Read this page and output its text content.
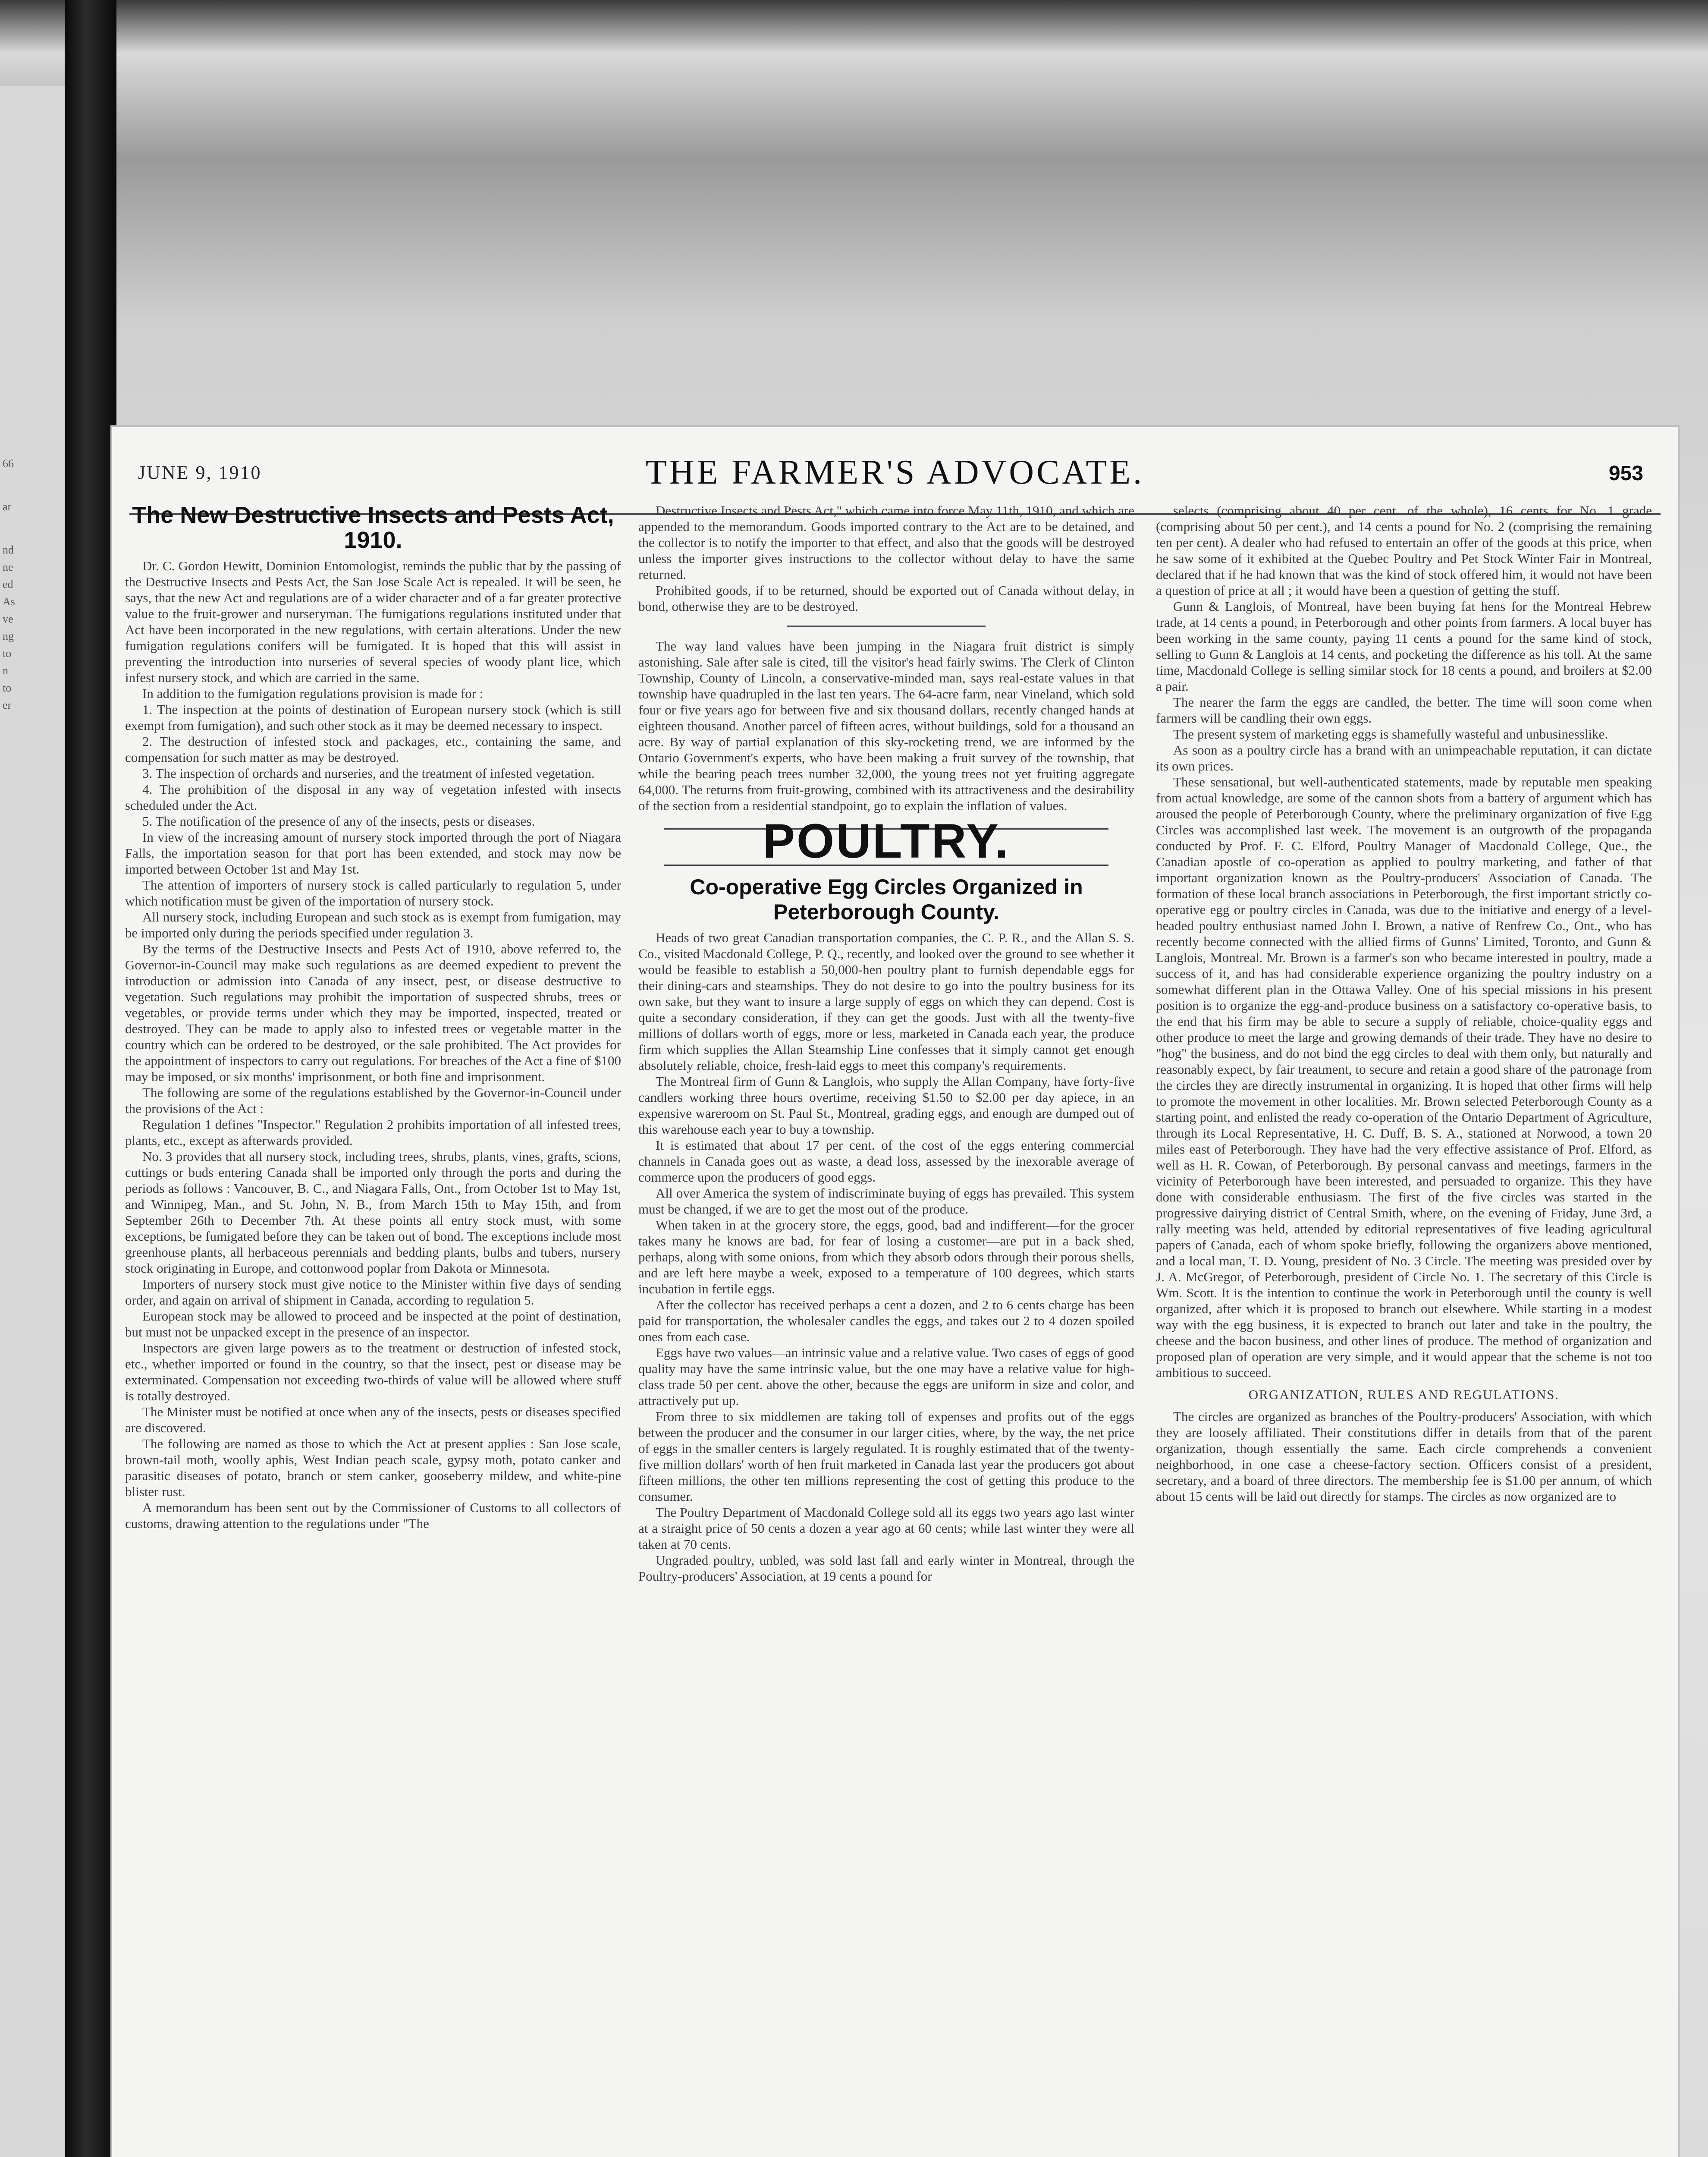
66
ar
nd
ne
ed
As
ve
ng
to
n
to
er
JUNE 9, 1910	THE FARMER'S ADVOCATE.	953
The New Destructive Insects and Pests Act, 1910.

Dr. C. Gordon Hewitt, Dominion Entomologist, reminds the public that by the passing of the Destructive Insects and Pests Act, the San Jose Scale Act is repealed. It will be seen, he says, that the new Act and regulations are of a wider character and of a far greater protective value to the fruit-grower and nurseryman. The fumigations regulations instituted under that Act have been incorporated in the new regulations, with certain alterations. Under the new fumigation regulations conifers will be fumigated. It is hoped that this will assist in preventing the introduction into nurseries of several species of woody plant lice, which infest nursery stock, and which are carried in the same.

In addition to the fumigation regulations provision is made for :

1. The inspection at the points of destination of European nursery stock (which is still exempt from fumigation), and such other stock as it may be deemed necessary to inspect.

2. The destruction of infested stock and packages, etc., containing the same, and compensation for such matter as may be destroyed.

3. The inspection of orchards and nurseries, and the treatment of infested vegetation.

4. The prohibition of the disposal in any way of vegetation infested with insects scheduled under the Act.

5. The notification of the presence of any of the insects, pests or diseases.

In view of the increasing amount of nursery stock imported through the port of Niagara Falls, the importation season for that port has been extended, and stock may now be imported between October 1st and May 1st.

The attention of importers of nursery stock is called particularly to regulation 5, under which notification must be given of the importation of nursery stock.

All nursery stock, including European and such stock as is exempt from fumigation, may be imported only during the periods specified under regulation 3.

By the terms of the Destructive Insects and Pests Act of 1910, above referred to, the Governor-in-Council may make such regulations as are deemed expedient to prevent the introduction or admission into Canada of any insect, pest, or disease destructive to vegetation. Such regulations may prohibit the importation of suspected shrubs, trees or vegetables, or provide terms under which they may be imported, inspected, treated or destroyed. They can be made to apply also to infested trees or vegetable matter in the country which can be ordered to be destroyed, or the sale prohibited. The Act provides for the appointment of inspectors to carry out regulations. For breaches of the Act a fine of $100 may be imposed, or six months' imprisonment, or both fine and imprisonment.

The following are some of the regulations established by the Governor-in-Council under the provisions of the Act :

Regulation 1 defines "Inspector." Regulation 2 prohibits importation of all infested trees, plants, etc., except as afterwards provided.

No. 3 provides that all nursery stock, including trees, shrubs, plants, vines, grafts, scions, cuttings or buds entering Canada shall be imported only through the ports and during the periods as follows : Vancouver, B. C., and Niagara Falls, Ont., from October 1st to May 1st, and Winnipeg, Man., and St. John, N. B., from March 15th to May 15th, and from September 26th to December 7th. At these points all entry stock must, with some exceptions, be fumigated before they can be taken out of bond. The exceptions include most greenhouse plants, all herbaceous perennials and bedding plants, bulbs and tubers, nursery stock originating in Europe, and cottonwood poplar from Dakota or Minnesota.

Importers of nursery stock must give notice to the Minister within five days of sending order, and again on arrival of shipment in Canada, according to regulation 5.

European stock may be allowed to proceed and be inspected at the point of destination, but must not be unpacked except in the presence of an inspector.

Inspectors are given large powers as to the treatment or destruction of infested stock, etc., whether imported or found in the country, so that the insect, pest or disease may be exterminated. Compensation not exceeding two-thirds of value will be allowed where stuff is totally destroyed.

The Minister must be notified at once when any of the insects, pests or diseases specified are discovered.

The following are named as those to which the Act at present applies : San Jose scale, brown-tail moth, woolly aphis, West Indian peach scale, gypsy moth, potato canker and parasitic diseases of potato, branch or stem canker, gooseberry mildew, and white-pine blister rust.

A memorandum has been sent out by the Commissioner of Customs to all collectors of customs, drawing attention to the regulations under "The

Destructive Insects and Pests Act," which came into force May 11th, 1910, and which are appended to the memorandum. Goods imported contrary to the Act are to be detained, and the collector is to notify the importer to that effect, and also that the goods will be destroyed unless the importer gives instructions to the collector without delay to have the same returned.

Prohibited goods, if to be returned, should be exported out of Canada without delay, in bond, otherwise they are to be destroyed.

The way land values have been jumping in the Niagara fruit district is simply astonishing. Sale after sale is cited, till the visitor's head fairly swims. The Clerk of Clinton Township, County of Lincoln, a conservative-minded man, says real-estate values in that township have quadrupled in the last ten years. The 64-acre farm, near Vineland, which sold four or five years ago for between five and six thousand dollars, recently changed hands at eighteen thousand. Another parcel of fifteen acres, without buildings, sold for a thousand an acre. By way of partial explanation of this sky-rocketing trend, we are informed by the Ontario Government's experts, who have been making a fruit survey of the township, that while the bearing peach trees number 32,000, the young trees not yet fruiting aggregate 64,000. The returns from fruit-growing, combined with its attractiveness and the desirability of the section from a residential standpoint, go to explain the inflation of values.

POULTRY.
Co-operative Egg Circles Organized in Peterborough County.

Heads of two great Canadian transportation companies, the C. P. R., and the Allan S. S. Co., visited Macdonald College, P. Q., recently, and looked over the ground to see whether it would be feasible to establish a 50,000-hen poultry plant to furnish dependable eggs for their dining-cars and steamships. They do not desire to go into the poultry business for its own sake, but they want to insure a large supply of eggs on which they can depend. Cost is quite a secondary consideration, if they can get the goods. Just with all the twenty-five millions of dollars worth of eggs, more or less, marketed in Canada each year, the produce firm which supplies the Allan Steamship Line confesses that it simply cannot get enough absolutely reliable, choice, fresh-laid eggs to meet this company's requirements.

The Montreal firm of Gunn & Langlois, who supply the Allan Company, have forty-five candlers working three hours overtime, receiving $1.50 to $2.00 per day apiece, in an expensive wareroom on St. Paul St., Montreal, grading eggs, and enough are dumped out of this warehouse each year to buy a township.

It is estimated that about 17 per cent. of the cost of the eggs entering commercial channels in Canada goes out as waste, a dead loss, assessed by the inexorable average of commerce upon the producers of good eggs.

All over America the system of indiscriminate buying of eggs has prevailed. This system must be changed, if we are to get the most out of the produce.

When taken in at the grocery store, the eggs, good, bad and indifferent—for the grocer takes many he knows are bad, for fear of losing a customer—are put in a back shed, perhaps, along with some onions, from which they absorb odors through their porous shells, and are left here maybe a week, exposed to a temperature of 100 degrees, which starts incubation in fertile eggs.

After the collector has received perhaps a cent a dozen, and 2 to 6 cents charge has been paid for transportation, the wholesaler candles the eggs, and takes out 2 to 4 dozen spoiled ones from each case.

Eggs have two values—an intrinsic value and a relative value. Two cases of eggs of good quality may have the same intrinsic value, but the one may have a relative value for high-class trade 50 per cent. above the other, because the eggs are uniform in size and color, and attractively put up.

From three to six middlemen are taking toll of expenses and profits out of the eggs between the producer and the consumer in our larger cities, where, by the way, the net price of eggs in the smaller centers is largely regulated. It is roughly estimated that of the twenty-five million dollars' worth of hen fruit marketed in Canada last year the producers got about fifteen millions, the other ten millions representing the cost of getting this produce to the consumer.

The Poultry Department of Macdonald College sold all its eggs two years ago last winter at a straight price of 50 cents a dozen a year ago at 60 cents; while last winter they were all taken at 70 cents.

Ungraded poultry, unbled, was sold last fall and early winter in Montreal, through the Poultry-producers' Association, at 19 cents a pound for

selects (comprising about 40 per cent. of the whole), 16 cents for No. 1 grade (comprising about 50 per cent.), and 14 cents a pound for No. 2 (comprising the remaining ten per cent). A dealer who had refused to entertain an offer of the goods at this price, when he saw some of it exhibited at the Quebec Poultry and Pet Stock Winter Fair in Montreal, declared that if he had known that was the kind of stock offered him, it would not have been a question of price at all ; it would have been a question of getting the stuff.

Gunn & Langlois, of Montreal, have been buying fat hens for the Montreal Hebrew trade, at 14 cents a pound, in Peterborough and other points from farmers. A local buyer has been working in the same county, paying 11 cents a pound for the same kind of stock, selling to Gunn & Langlois at 14 cents, and pocketing the difference as his toll. At the same time, Macdonald College is selling similar stock for 18 cents a pound, and broilers at $2.00 a pair.

The nearer the farm the eggs are candled, the better. The time will soon come when farmers will be candling their own eggs.

The present system of marketing eggs is shamefully wasteful and unbusinesslike.

As soon as a poultry circle has a brand with an unimpeachable reputation, it can dictate its own prices.

These sensational, but well-authenticated statements, made by reputable men speaking from actual knowledge, are some of the cannon shots from a battery of argument which has aroused the people of Peterborough County, where the preliminary organization of five Egg Circles was accomplished last week. The movement is an outgrowth of the propaganda conducted by Prof. F. C. Elford, Poultry Manager of Macdonald College, Que., the Canadian apostle of co-operation as applied to poultry marketing, and father of that important organization known as the Poultry-producers' Association of Canada. The formation of these local branch associations in Peterborough, the first important strictly co-operative egg or poultry circles in Canada, was due to the initiative and energy of a level-headed poultry enthusiast named John I. Brown, a native of Renfrew Co., Ont., who has recently become connected with the allied firms of Gunns' Limited, Toronto, and Gunn & Langlois, Montreal. Mr. Brown is a farmer's son who became interested in poultry, made a success of it, and has had considerable experience organizing the poultry industry on a somewhat different plan in the Ottawa Valley. One of his special missions in his present position is to organize the egg-and-produce business on a satisfactory co-operative basis, to the end that his firm may be able to secure a supply of reliable, choice-quality eggs and other produce to meet the large and growing demands of their trade. They have no desire to "hog" the business, and do not bind the egg circles to deal with them only, but naturally and reasonably expect, by fair treatment, to secure and retain a good share of the patronage from the circles they are directly instrumental in organizing. It is hoped that other firms will help to promote the movement in other localities. Mr. Brown selected Peterborough County as a starting point, and enlisted the ready co-operation of the Ontario Department of Agriculture, through its Local Representative, H. C. Duff, B. S. A., stationed at Norwood, a town 20 miles east of Peterborough. They have had the very effective assistance of Prof. Elford, as well as H. R. Cowan, of Peterborough. By personal canvass and meetings, farmers in the vicinity of Peterborough have been interested, and persuaded to organize. This they have done with considerable enthusiasm. The first of the five circles was started in the progressive dairying district of Central Smith, where, on the evening of Friday, June 3rd, a rally meeting was held, attended by editorial representatives of five leading agricultural papers of Canada, each of whom spoke briefly, following the organizers above mentioned, and a local man, T. D. Young, president of No. 3 Circle. The meeting was presided over by J. A. McGregor, of Peterborough, president of Circle No. 1. The secretary of this Circle is Wm. Scott. It is the intention to continue the work in Peterborough until the county is well organized, after which it is proposed to branch out elsewhere. While starting in a modest way with the egg business, it is expected to branch out later and take in the poultry, the cheese and the bacon business, and other lines of produce. The method of organization and proposed plan of operation are very simple, and it would appear that the scheme is not too ambitious to succeed.

ORGANIZATION, RULES AND REGULATIONS.

The circles are organized as branches of the Poultry-producers' Association, with which they are loosely affiliated. Their constitutions differ in details from that of the parent organization, though essentially the same. Each circle comprehends a convenient neighborhood, in one case a cheese-factory section. Officers consist of a president, secretary, and a board of three directors. The membership fee is $1.00 per annum, of which about 15 cents will be laid out directly for stamps. The circles as now organized are to
